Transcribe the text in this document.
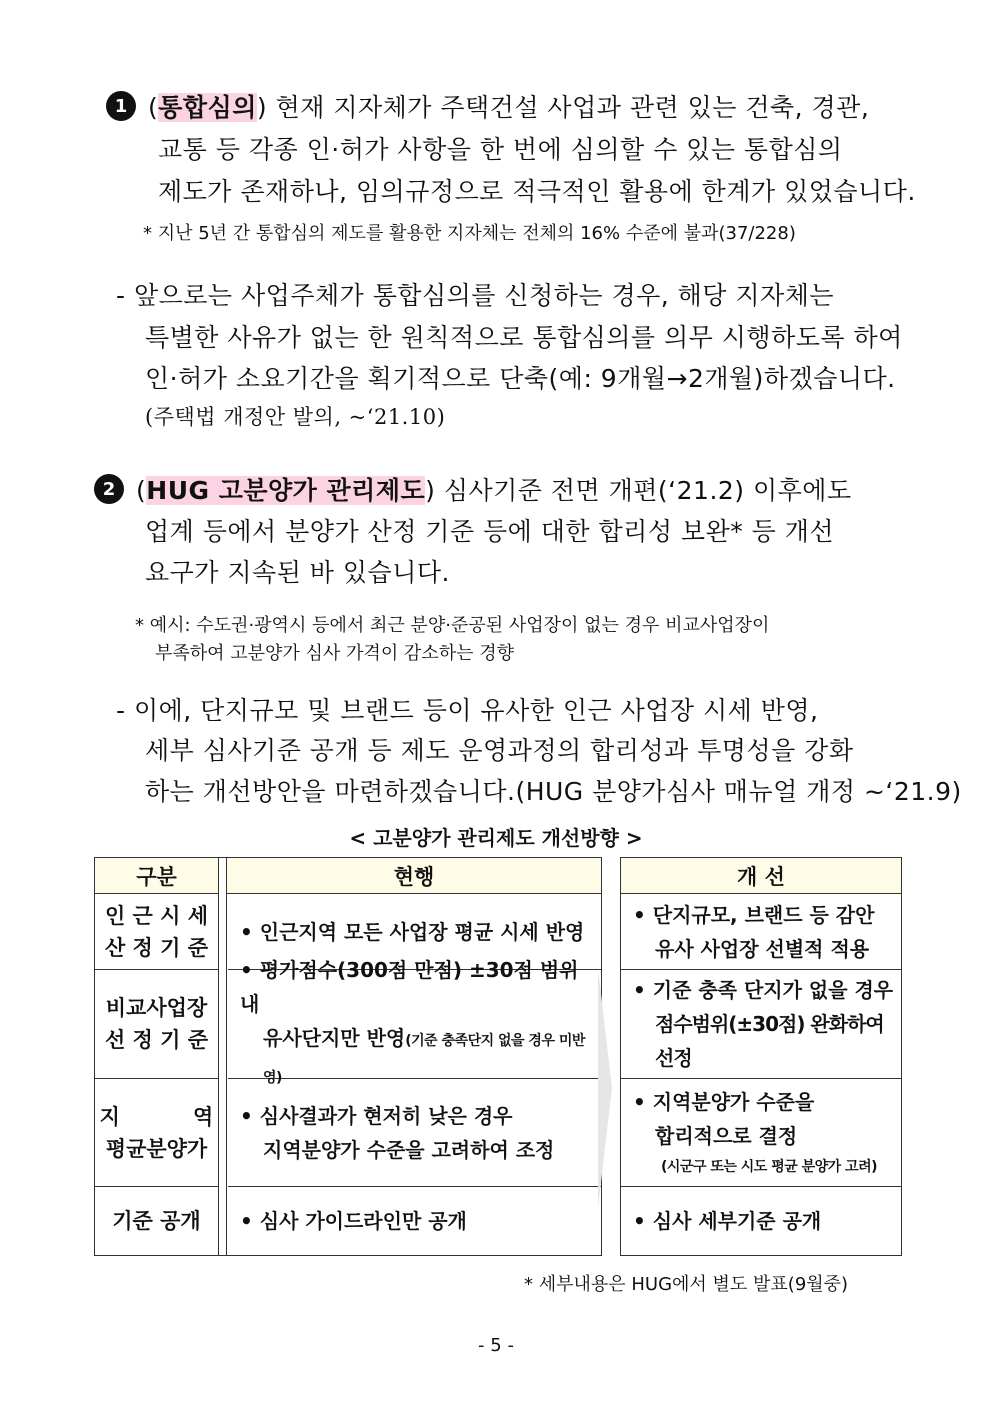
1 (통합심의) 현재 지자체가 주택건설 사업과 관련 있는 건축, 경관,
교통 등 각종 인·허가 사항을 한 번에 심의할 수 있는 통합심의
제도가 존재하나, 임의규정으로 적극적인 활용에 한계가 있었습니다.
* 지난 5년 간 통합심의 제도를 활용한 지자체는 전체의 16% 수준에 불과(37/228)
- 앞으로는 사업주체가 통합심의를 신청하는 경우, 해당 지자체는
특별한 사유가 없는 한 원칙적으로 통합심의를 의무 시행하도록 하여
인·허가 소요기간을 획기적으로 단축(예: 9개월→2개월)하겠습니다.
(주택법 개정안 발의, ~‘21.10)
2 (HUG 고분양가 관리제도) 심사기준 전면 개편(‘21.2) 이후에도
업계 등에서 분양가 산정 기준 등에 대한 합리성 보완* 등 개선
요구가 지속된 바 있습니다.
* 예시: 수도권·광역시 등에서 최근 분양·준공된 사업장이 없는 경우 비교사업장이
부족하여 고분양가 심사 가격이 감소하는 경향
- 이에, 단지규모 및 브랜드 등이 유사한 인근 사업장 시세 반영,
세부 심사기준 공개 등 제도 운영과정의 합리성과 투명성을 강화
하는 개선방안을 마련하겠습니다.(HUG 분양가심사 매뉴얼 개정 ~‘21.9)
< 고분양가 관리제도 개선방향 >
구분	현행
인 근 시 세
산 정 기 준
비교사업장
선 정 기 준
지          역
평균분양가
기준 공개
• 인근지역 모든 사업장 평균 시세 반영
• 평가점수(300점 만점) ±30점 범위 내
유사단지만 반영(기준 충족단지 없을 경우 미반영)
• 심사결과가 현저히 낮은 경우
지역분양가 수준을 고려하여 조정
• 심사 가이드라인만 공개
개 선
• 단지규모, 브랜드 등 감안
유사 사업장 선별적 적용
• 기준 충족 단지가 없을 경우
점수범위(±30점) 완화하여 선정
• 지역분양가 수준을
합리적으로 결정
(시군구 또는 시도 평균 분양가 고려)
• 심사 세부기준 공개
* 세부내용은 HUG에서 별도 발표(9월중)
- 5 -
